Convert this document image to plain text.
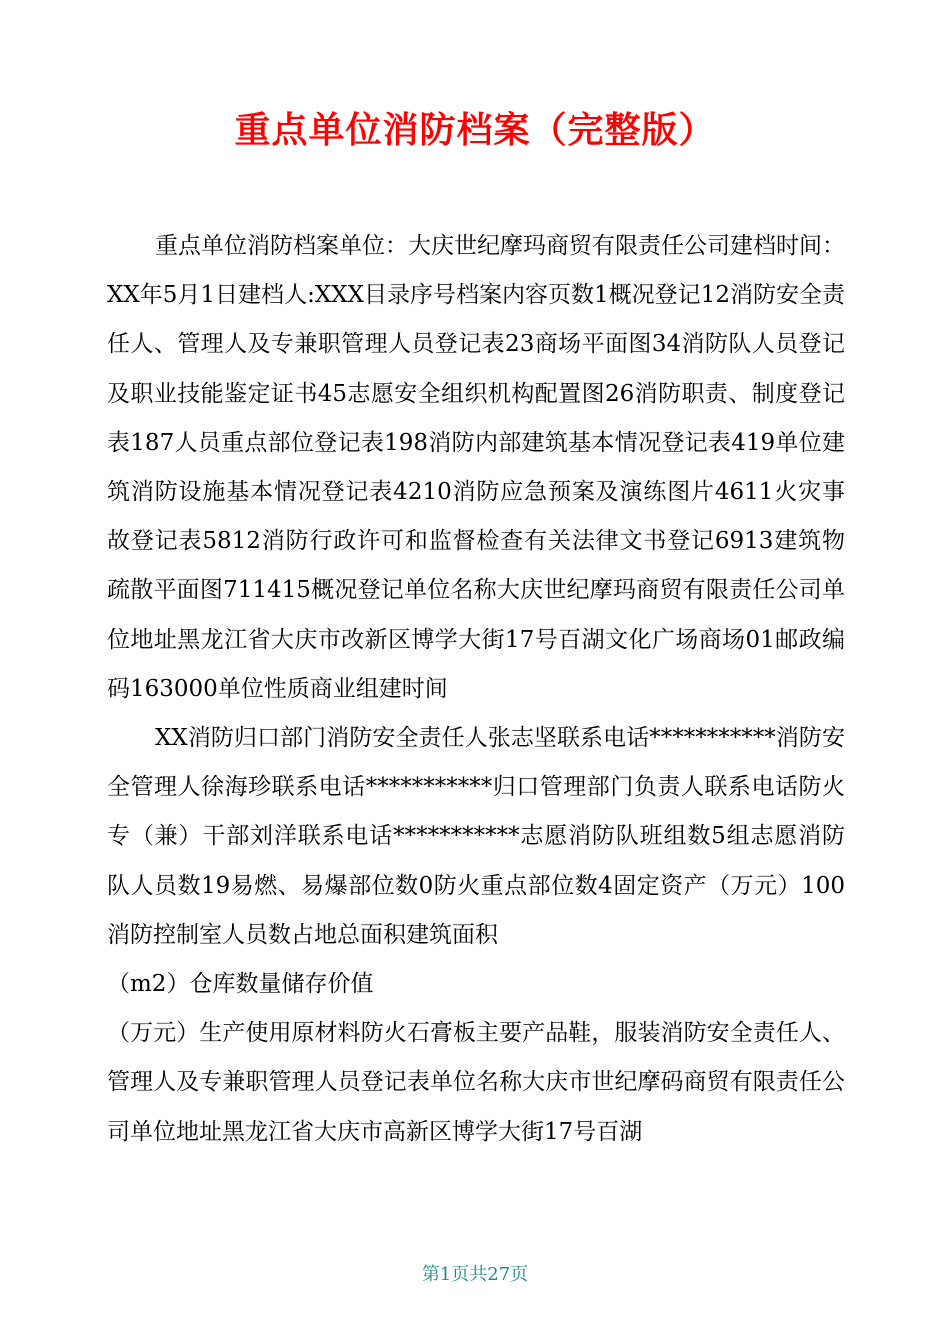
重点单位消防档案（完整版）

重点单位消防档案单位：大庆世纪摩玛商贸有限责任公司建档时间：XX年5月1日建档人:XXX目录序号档案内容页数1概况登记12消防安全责任人、管理人及专兼职管理人员登记表23商场平面图34消防队人员登记及职业技能鉴定证书45志愿安全组织机构配置图26消防职责、制度登记表187人员重点部位登记表198消防内部建筑基本情况登记表419单位建筑消防设施基本情况登记表4210消防应急预案及演练图片4611火灾事故登记表5812消防行政许可和监督检查有关法律文书登记6913建筑物疏散平面图711415概况登记单位名称大庆世纪摩玛商贸有限责任公司单位地址黑龙江省大庆市改新区博学大街17号百湖文化广场商场01邮政编码163000单位性质商业组建时间

XX消防归口部门消防安全责任人张志坚联系电话***********消防安全管理人徐海珍联系电话***********归口管理部门负责人联系电话防火专（兼）干部刘洋联系电话***********志愿消防队班组数5组志愿消防队人员数19易燃、易爆部位数0防火重点部位数4固定资产（万元）100消防控制室人员数占地总面积建筑面积

（m2）仓库数量储存价值

（万元）生产使用原材料防火石膏板主要产品鞋，服装消防安全责任人、管理人及专兼职管理人员登记表单位名称大庆市世纪摩码商贸有限责任公司单位地址黑龙江省大庆市高新区博学大街17号百湖

第1页共27页
